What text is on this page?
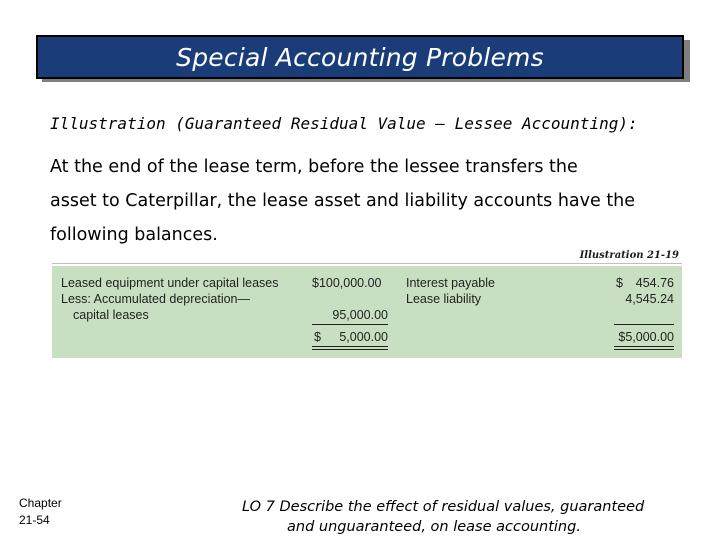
Special Accounting Problems
Illustration (Guaranteed Residual Value – Lessee Accounting):
At the end of the lease term, before the lessee transfers the
asset to Caterpillar, the lease asset and liability accounts have the
following balances.
Illustration 21-19
Leased equipment under capital leases
Less: Accumulated depreciation—
capital leases
$100,000.00
95,000.00
$	5,000.00
Interest payable
Lease liability
$	454.76
4,545.24
$5,000.00
Chapter
21-54
LO 7 Describe the effect of residual values, guaranteed
and unguaranteed, on lease accounting.
